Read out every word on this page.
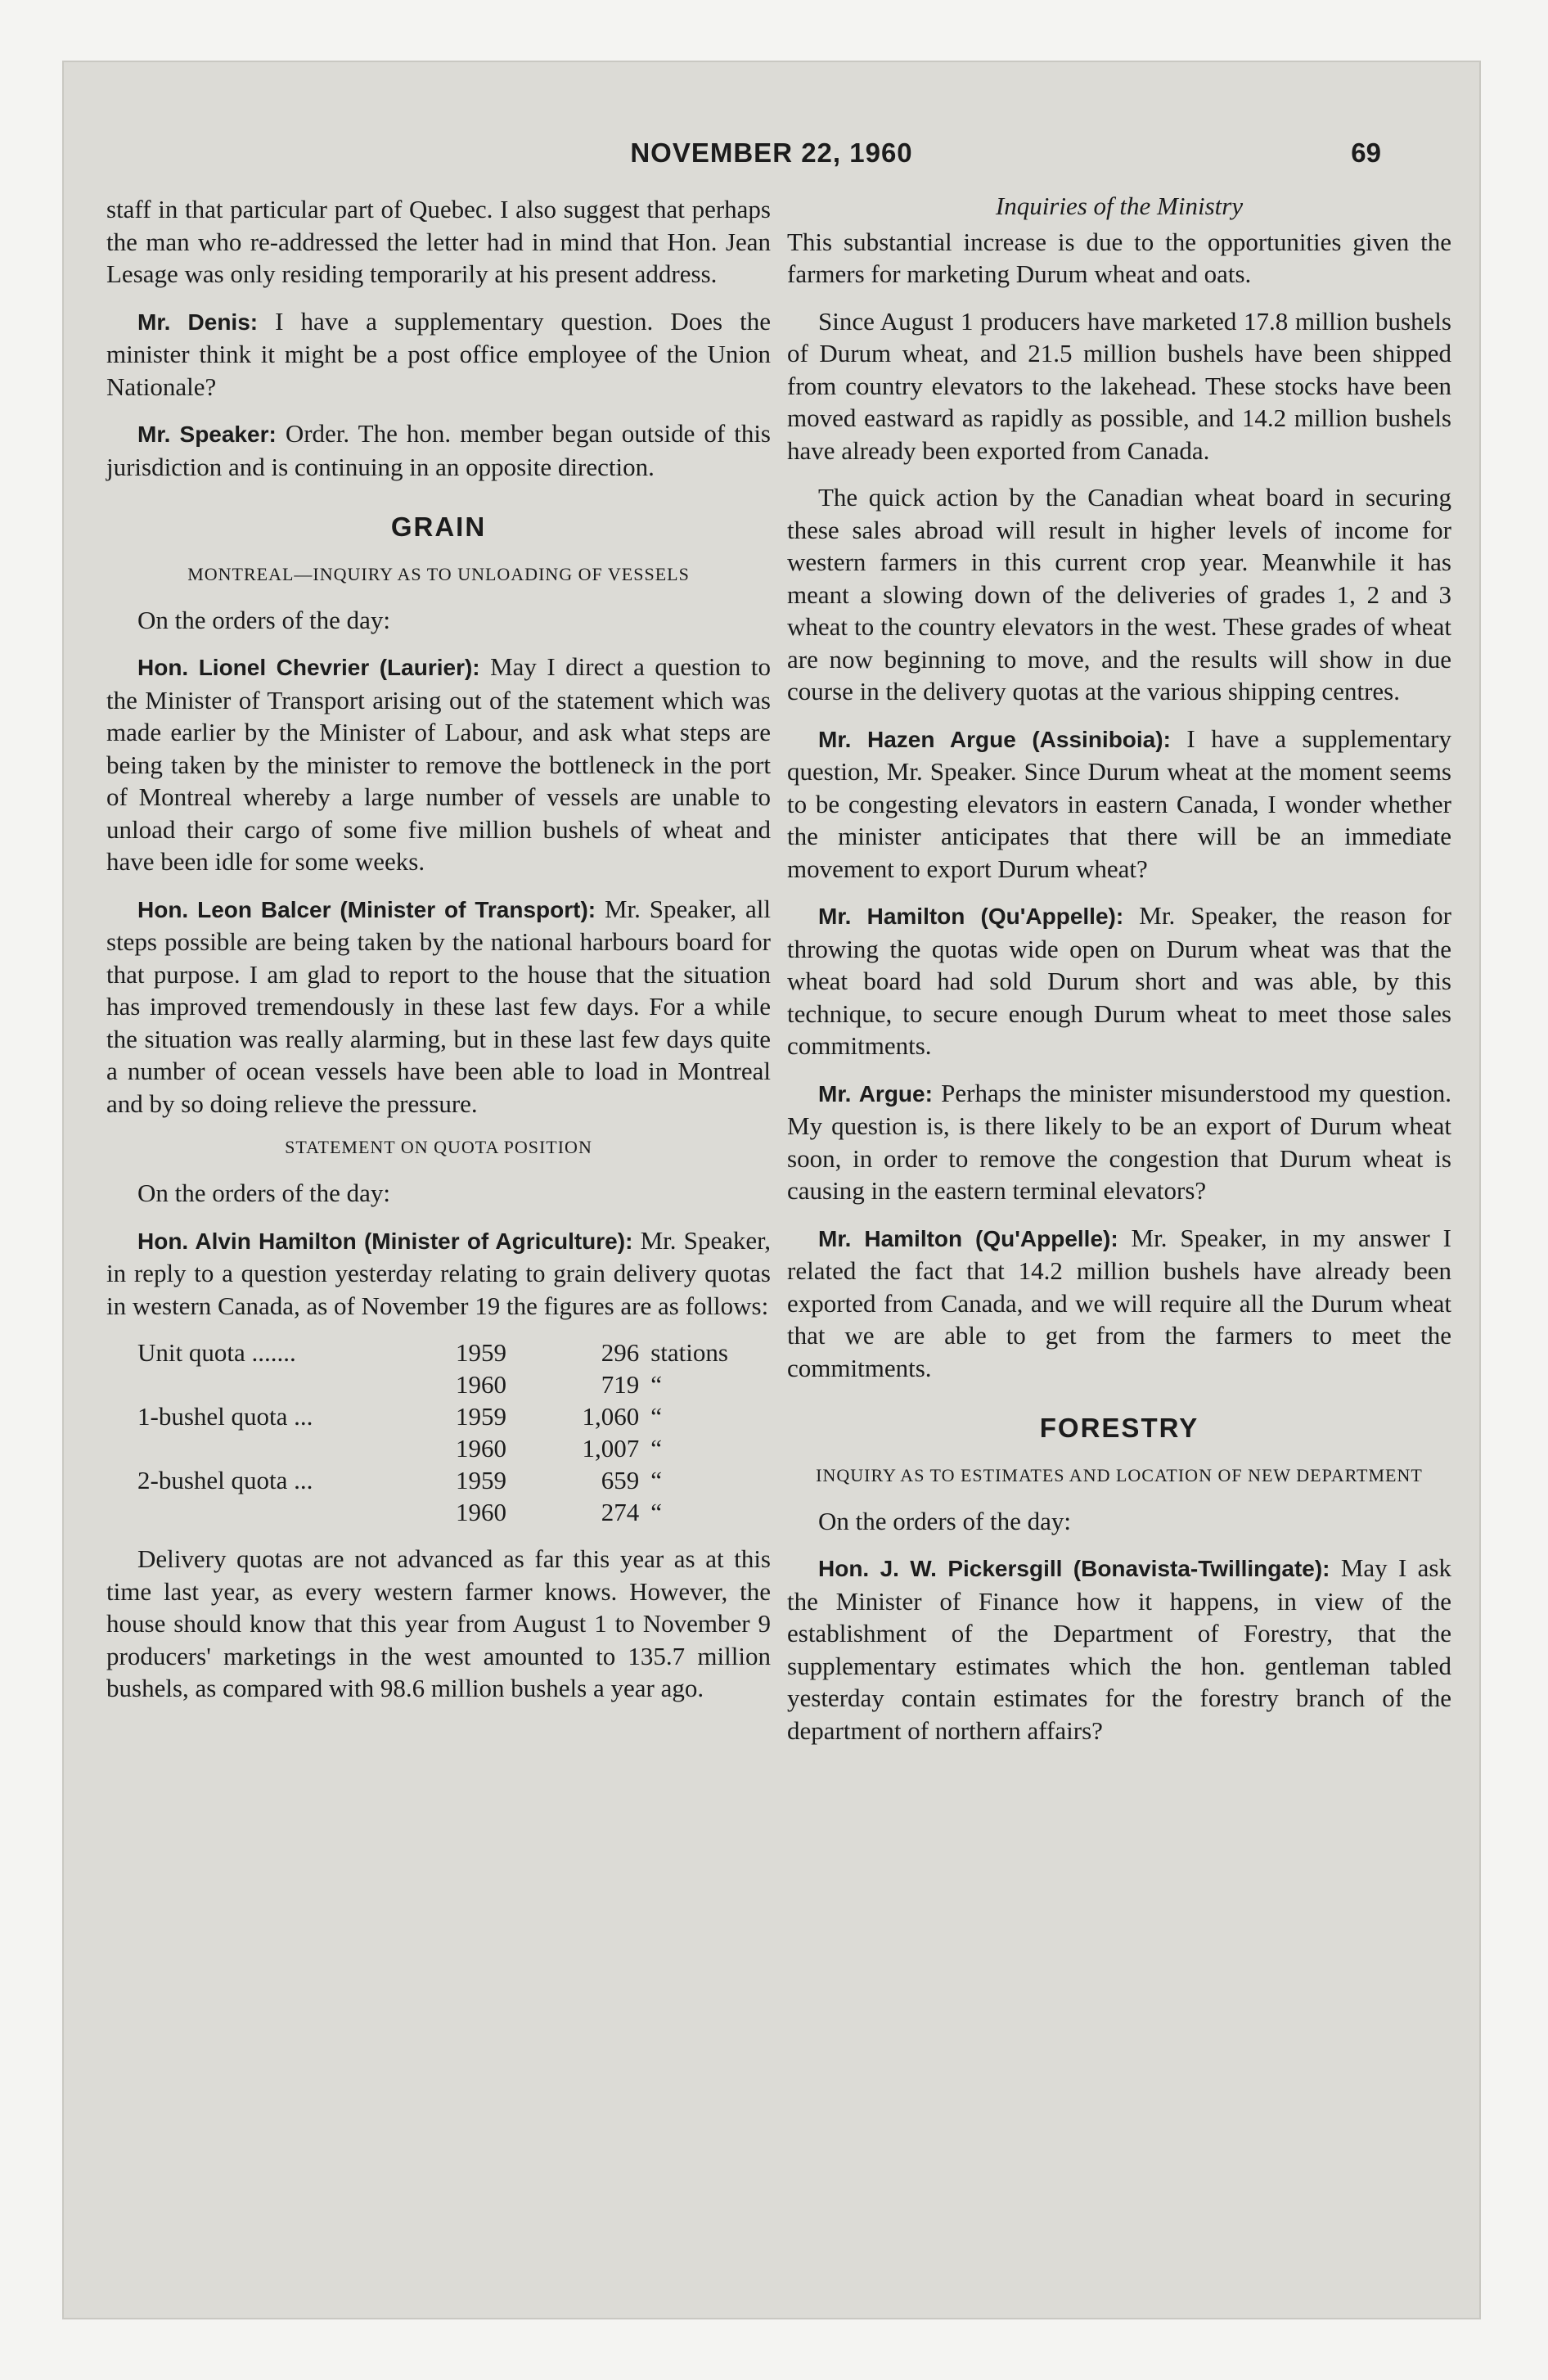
NOVEMBER 22, 1960	69

staff in that particular part of Quebec. I also suggest that perhaps the man who re-addressed the letter had in mind that Hon. Jean Lesage was only residing temporarily at his present address.

Mr. Denis: I have a supplementary question. Does the minister think it might be a post office employee of the Union Nationale?

Mr. Speaker: Order. The hon. member began outside of this jurisdiction and is continuing in an opposite direction.

GRAIN
MONTREAL—INQUIRY AS TO UNLOADING OF VESSELS

On the orders of the day:

Hon. Lionel Chevrier (Laurier): May I direct a question to the Minister of Transport arising out of the statement which was made earlier by the Minister of Labour, and ask what steps are being taken by the minister to remove the bottleneck in the port of Montreal whereby a large number of vessels are unable to unload their cargo of some five million bushels of wheat and have been idle for some weeks.

Hon. Leon Balcer (Minister of Transport): Mr. Speaker, all steps possible are being taken by the national harbours board for that purpose. I am glad to report to the house that the situation has improved tremendously in these last few days. For a while the situation was really alarming, but in these last few days quite a number of ocean vessels have been able to load in Montreal and by so doing relieve the pressure.

STATEMENT ON QUOTA POSITION

On the orders of the day:

Hon. Alvin Hamilton (Minister of Agriculture): Mr. Speaker, in reply to a question yesterday relating to grain delivery quotas in western Canada, as of November 19 the figures are as follows:

Unit quota .......	1959	296	stations
	1960	719	“
1-bushel quota ...	1959	1,060	“
	1960	1,007	“
2-bushel quota ...	1959	659	“
	1960	274	“

Delivery quotas are not advanced as far this year as at this time last year, as every western farmer knows. However, the house should know that this year from August 1 to November 9 producers' marketings in the west amounted to 135.7 million bushels, as compared with 98.6 million bushels a year ago.

Inquiries of the Ministry

This substantial increase is due to the opportunities given the farmers for marketing Durum wheat and oats.

Since August 1 producers have marketed 17.8 million bushels of Durum wheat, and 21.5 million bushels have been shipped from country elevators to the lakehead. These stocks have been moved eastward as rapidly as possible, and 14.2 million bushels have already been exported from Canada.

The quick action by the Canadian wheat board in securing these sales abroad will result in higher levels of income for western farmers in this current crop year. Meanwhile it has meant a slowing down of the deliveries of grades 1, 2 and 3 wheat to the country elevators in the west. These grades of wheat are now beginning to move, and the results will show in due course in the delivery quotas at the various shipping centres.

Mr. Hazen Argue (Assiniboia): I have a supplementary question, Mr. Speaker. Since Durum wheat at the moment seems to be congesting elevators in eastern Canada, I wonder whether the minister anticipates that there will be an immediate movement to export Durum wheat?

Mr. Hamilton (Qu'Appelle): Mr. Speaker, the reason for throwing the quotas wide open on Durum wheat was that the wheat board had sold Durum short and was able, by this technique, to secure enough Durum wheat to meet those sales commitments.

Mr. Argue: Perhaps the minister misunderstood my question. My question is, is there likely to be an export of Durum wheat soon, in order to remove the congestion that Durum wheat is causing in the eastern terminal elevators?

Mr. Hamilton (Qu'Appelle): Mr. Speaker, in my answer I related the fact that 14.2 million bushels have already been exported from Canada, and we will require all the Durum wheat that we are able to get from the farmers to meet the commitments.

FORESTRY
INQUIRY AS TO ESTIMATES AND LOCATION OF NEW DEPARTMENT

On the orders of the day:

Hon. J. W. Pickersgill (Bonavista-Twillingate): May I ask the Minister of Finance how it happens, in view of the establishment of the Department of Forestry, that the supplementary estimates which the hon. gentleman tabled yesterday contain estimates for the forestry branch of the department of northern affairs?
